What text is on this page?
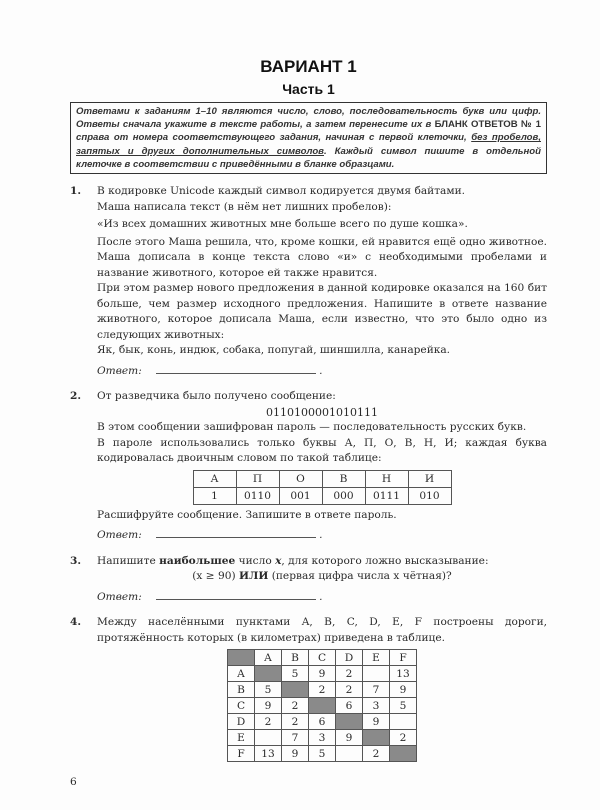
ВАРИАНТ 1
Часть 1
Ответами к заданиям 1–10 являются число, слово, последовательность букв или цифр. Ответы сначала укажите в тексте работы, а затем перенесите их в БЛАНК ОТВЕТОВ № 1 справа от номера соответствующего задания, начиная с первой клеточки, без пробелов, запятых и других дополнительных символов. Каждый символ пишите в отдельной клеточке в соответствии с приведёнными в бланке образцами.
1.	В кодировке Unicode каждый символ кодируется двумя байтами.

Маша написала текст (в нём нет лишних пробелов):

«Из всех домашних животных мне больше всего по душе кошка».

После этого Маша решила, что, кроме кошки, ей нравится ещё одно животное. Маша дописала в конце текста слово «и» с необходимыми пробелами и название животного, которое ей также нравится.

При этом размер нового предложения в данной кодировке оказался на 160 бит больше, чем размер исходного предложения. Напишите в ответе название животного, которое дописала Маша, если известно, что это было одно из следующих животных:

Як, бык, конь, индюк, собака, попугай, шиншилла, канарейка.

Ответ:	.
2.	От разведчика было получено сообщение:

0110100001010111

В этом сообщении зашифрован пароль — последовательность русских букв.

В пароле использовались только буквы А, П, О, В, Н, И; каждая буква кодировалась двоичным словом по такой таблице:

А	П	О	В	Н	И
1	0110	001	000	0111	010

Расшифруйте сообщение. Запишите в ответе пароль.

Ответ:	.
3.	Напишите наибольшее число x, для которого ложно высказывание:

(x ≥ 90) ИЛИ (первая цифра числа x чётная)?

Ответ:	.
4.	Между населёнными пунктами A, B, C, D, E, F построены дороги, протяжённость которых (в километрах) приведена в таблице.

	A	B	C	D	E	F
A		5	9	2		13
B	5		2	2	7	9
C	9	2		6	3	5
D	2	2	6		9	
E		7	3	9		2
F	13	9	5		2	
6
